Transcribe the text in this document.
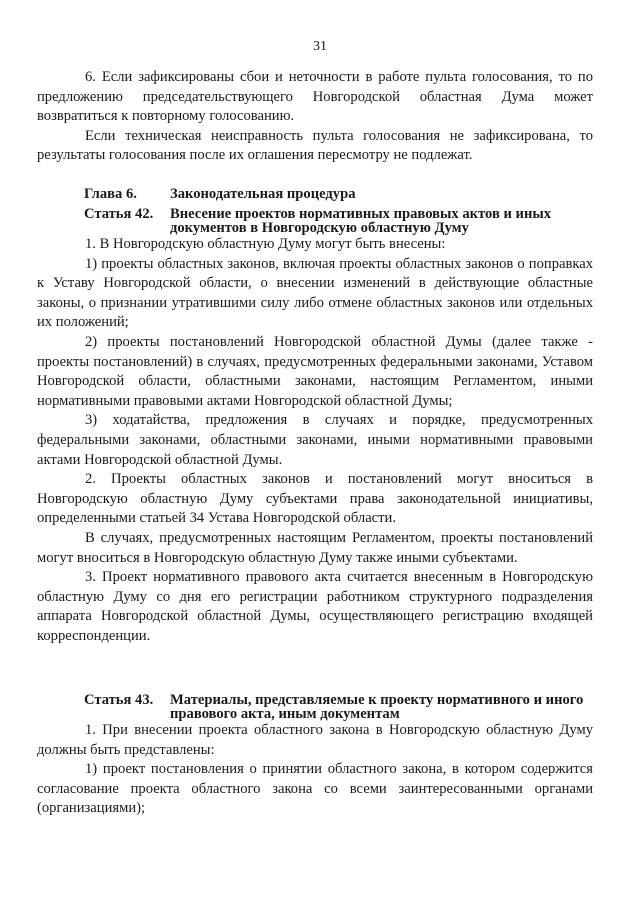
31

6. Если зафиксированы сбои и неточности в работе пульта голосования, то по предложению председательствующего Новгородской областная Дума может возвратиться к повторному голосованию.

Если техническая неисправность пульта голосования не зафиксирована, то результаты голосования после их оглашения пересмотру не подлежат.

Глава 6. Законодательная процедура
Статья 42. Внесение проектов нормативных правовых актов и иных документов в Новгородскую областную Думу

1. В Новгородскую областную Думу могут быть внесены:

1) проекты областных законов, включая проекты областных законов о поправках к Уставу Новгородской области, о внесении изменений в действующие областные законы, о признании утратившими силу либо отмене областных законов или отдельных их положений;

2) проекты постановлений Новгородской областной Думы (далее также - проекты постановлений) в случаях, предусмотренных федеральными законами, Уставом Новгородской области, областными законами, настоящим Регламентом, иными нормативными правовыми актами Новгородской областной Думы;

3) ходатайства, предложения в случаях и порядке, предусмотренных федеральными законами, областными законами, иными нормативными правовыми актами Новгородской областной Думы.

2. Проекты областных законов и постановлений могут вноситься в Новгородскую областную Думу субъектами права законодательной инициативы, определенными статьей 34 Устава Новгородской области.

В случаях, предусмотренных настоящим Регламентом, проекты постановлений могут вноситься в Новгородскую областную Думу также иными субъектами.

3. Проект нормативного правового акта считается внесенным в Новгородскую областную Думу со дня его регистрации работником структурного подразделения аппарата Новгородской областной Думы, осуществляющего регистрацию входящей корреспонденции.

Статья 43. Материалы, представляемые к проекту нормативного и иного правового акта, иным документам

1. При внесении проекта областного закона в Новгородскую областную Думу должны быть представлены:

1) проект постановления о принятии областного закона, в котором содержится согласование проекта областного закона со всеми заинтересованными органами (организациями);
